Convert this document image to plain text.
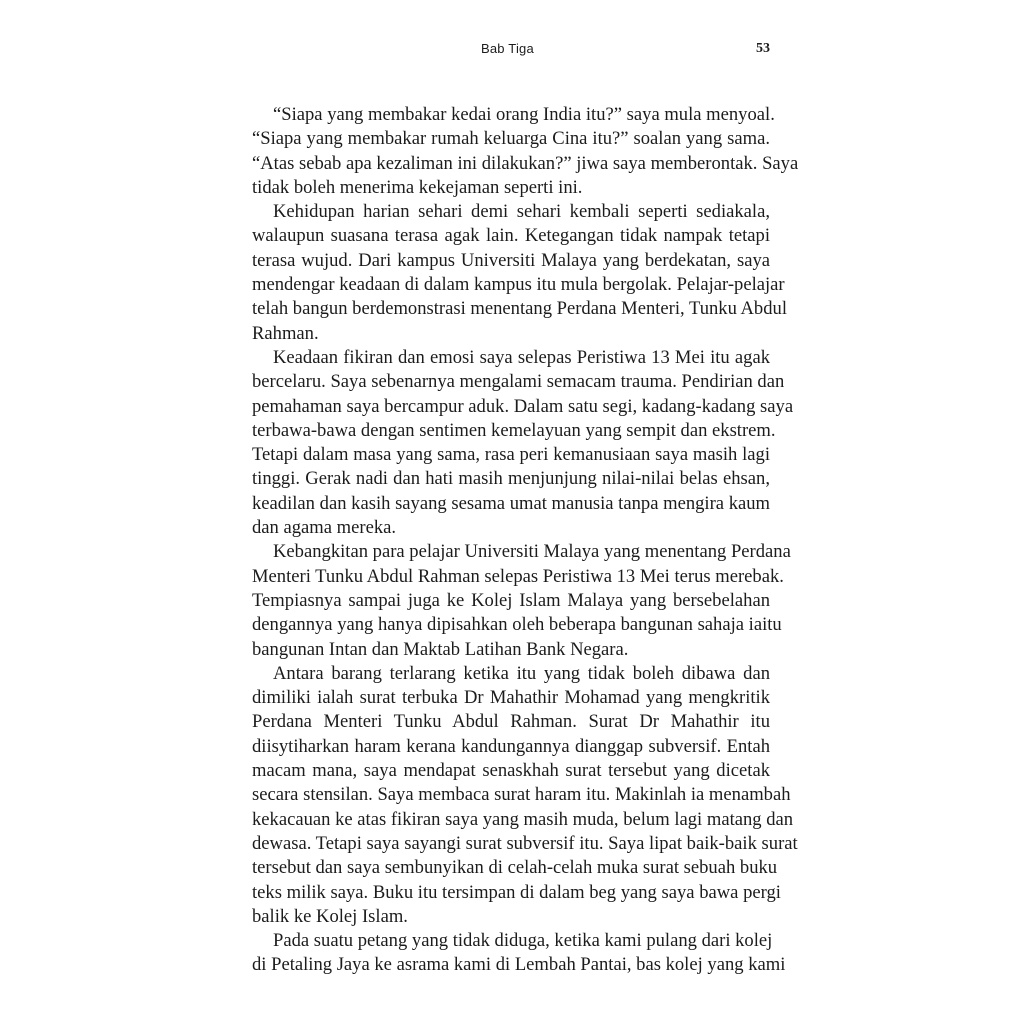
Bab Tiga	53
“Siapa yang membakar kedai orang India itu?” saya mula menyoal.
“Siapa yang membakar rumah keluarga Cina itu?” soalan yang sama.
“Atas sebab apa kezaliman ini dilakukan?” jiwa saya memberontak. Saya
tidak boleh menerima kekejaman seperti ini.
Kehidupan harian sehari demi sehari kembali seperti sediakala,
walaupun suasana terasa agak lain. Ketegangan tidak nampak tetapi
terasa wujud. Dari kampus Universiti Malaya yang berdekatan, saya
mendengar keadaan di dalam kampus itu mula bergolak. Pelajar-pelajar
telah bangun berdemonstrasi menentang Perdana Menteri, Tunku Abdul
Rahman.
Keadaan fikiran dan emosi saya selepas Peristiwa 13 Mei itu agak
bercelaru. Saya sebenarnya mengalami semacam trauma. Pendirian dan
pemahaman saya bercampur aduk. Dalam satu segi, kadang-kadang saya
terbawa-bawa dengan sentimen kemelayuan yang sempit dan ekstrem.
Tetapi dalam masa yang sama, rasa peri kemanusiaan saya masih lagi
tinggi. Gerak nadi dan hati masih menjunjung nilai-nilai belas ehsan,
keadilan dan kasih sayang sesama umat manusia tanpa mengira kaum
dan agama mereka.
Kebangkitan para pelajar Universiti Malaya yang menentang Perdana
Menteri Tunku Abdul Rahman selepas Peristiwa 13 Mei terus merebak.
Tempiasnya sampai juga ke Kolej Islam Malaya yang bersebelahan
dengannya yang hanya dipisahkan oleh beberapa bangunan sahaja iaitu
bangunan Intan dan Maktab Latihan Bank Negara.
Antara barang terlarang ketika itu yang tidak boleh dibawa dan
dimiliki ialah surat terbuka Dr Mahathir Mohamad yang mengkritik
Perdana Menteri Tunku Abdul Rahman. Surat Dr Mahathir itu
diisytiharkan haram kerana kandungannya dianggap subversif. Entah
macam mana, saya mendapat senaskhah surat tersebut yang dicetak
secara stensilan. Saya membaca surat haram itu. Makinlah ia menambah
kekacauan ke atas fikiran saya yang masih muda, belum lagi matang dan
dewasa. Tetapi saya sayangi surat subversif itu. Saya lipat baik-baik surat
tersebut dan saya sembunyikan di celah-celah muka surat sebuah buku
teks milik saya. Buku itu tersimpan di dalam beg yang saya bawa pergi
balik ke Kolej Islam.
Pada suatu petang yang tidak diduga, ketika kami pulang dari kolej
di Petaling Jaya ke asrama kami di Lembah Pantai, bas kolej yang kami
